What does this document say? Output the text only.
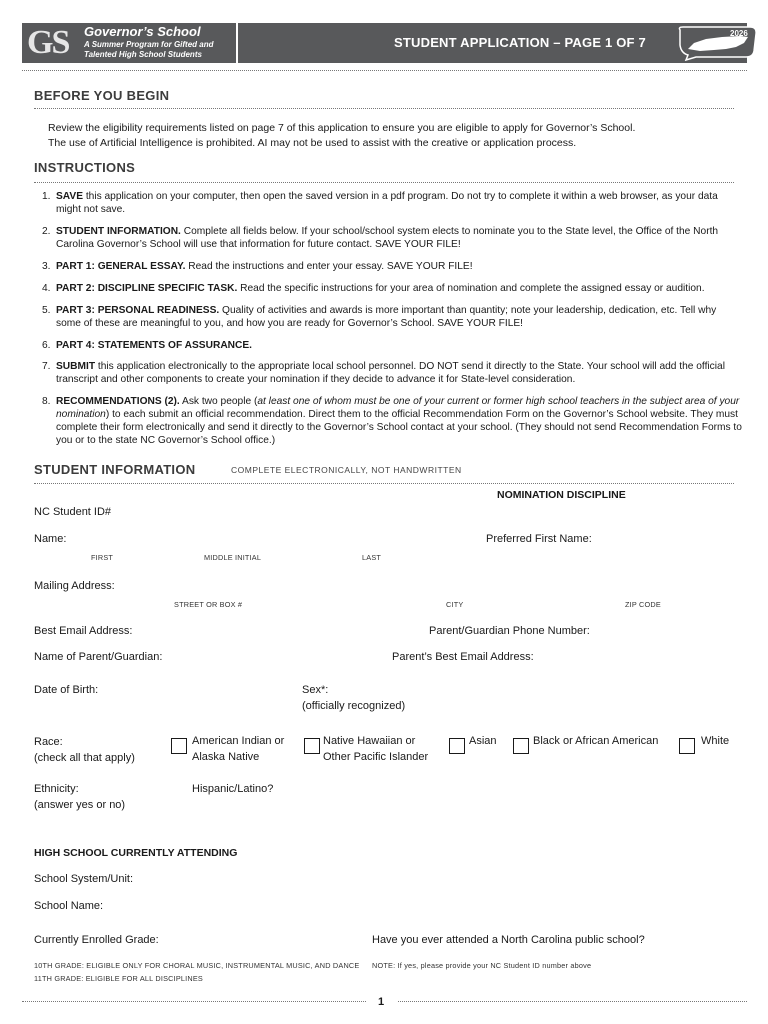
GS Governor’s School
A Summer Program for Gifted and
Talented High School Students
STUDENT APPLICATION – PAGE 1 OF 7
2026
BEFORE YOU BEGIN
Review the eligibility requirements listed on page 7 of this application to ensure you are eligible to apply for Governor’s School.
The use of Artificial Intelligence is prohibited. AI may not be used to assist with the creative or application process.
INSTRUCTIONS
1. SAVE this application on your computer, then open the saved version in a pdf program. Do not try to complete it within a web browser, as your data might not save.
2. STUDENT INFORMATION. Complete all fields below. If your school/school system elects to nominate you to the State level, the Office of the North Carolina Governor’s School will use that information for future contact. SAVE YOUR FILE!
3. PART 1: GENERAL ESSAY. Read the instructions and enter your essay. SAVE YOUR FILE!
4. PART 2: DISCIPLINE SPECIFIC TASK. Read the specific instructions for your area of nomination and complete the assigned essay or audition.
5. PART 3: PERSONAL READINESS. Quality of activities and awards is more important than quantity; note your leadership, dedication, etc. Tell why some of these are meaningful to you, and how you are ready for Governor’s School. SAVE YOUR FILE!
6. PART 4: STATEMENTS OF ASSURANCE.
7. SUBMIT this application electronically to the appropriate local school personnel. DO NOT send it directly to the State. Your school will add the official transcript and other components to create your nomination if they decide to advance it for State-level consideration.
8. RECOMMENDATIONS (2). Ask two people (at least one of whom must be one of your current or former high school teachers in the subject area of your nomination) to each submit an official recommendation. Direct them to the official Recommendation Form on the Governor’s School website. They must complete their form electronically and send it directly to the Governor’s School contact at your school. (They should not send Recommendation Forms to you or to the state NC Governor’s School office.)
STUDENT INFORMATION	COMPLETE ELECTRONICALLY, NOT HANDWRITTEN
NOMINATION DISCIPLINE
NC Student ID#
Name:	Preferred First Name:
FIRST	MIDDLE INITIAL	LAST
Mailing Address:
STREET OR BOX #	CITY	ZIP CODE
Best Email Address:	Parent/Guardian Phone Number:
Name of Parent/Guardian:	Parent’s Best Email Address:
Date of Birth:	Sex*:
(officially recognized)
Race:
(check all that apply)
American Indian or
Alaska Native
Native Hawaiian or
Other Pacific Islander
Asian	Black or African American	White
Ethnicity:
(answer yes or no)
Hispanic/Latino?
HIGH SCHOOL CURRENTLY ATTENDING
School System/Unit:
School Name:
Currently Enrolled Grade:	Have you ever attended a North Carolina public school?
10TH GRADE: ELIGIBLE ONLY FOR CHORAL MUSIC, INSTRUMENTAL MUSIC, AND DANCE
11TH GRADE: ELIGIBLE FOR ALL DISCIPLINES
NOTE: If yes, please provide your NC Student ID number above
1
